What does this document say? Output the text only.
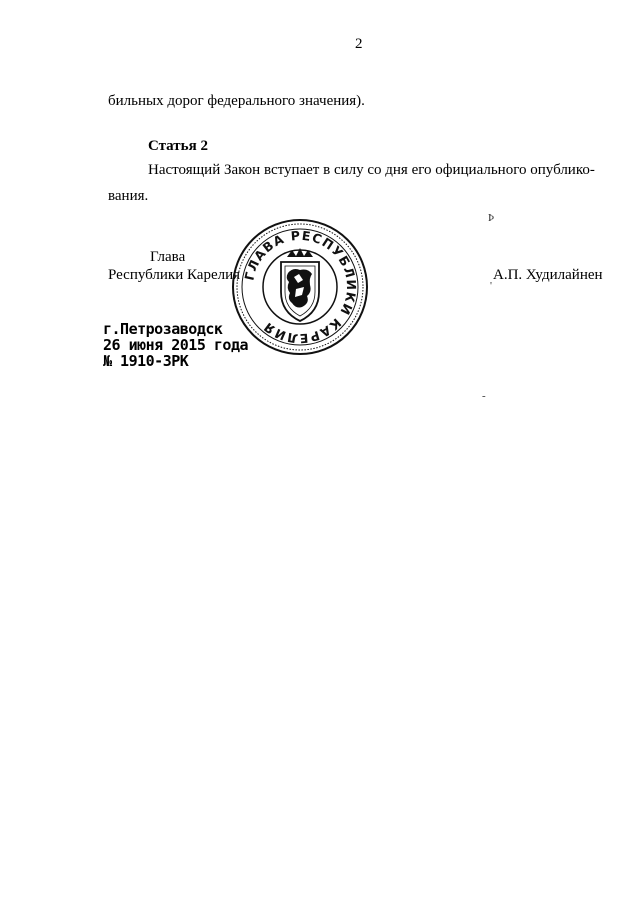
2
бильных дорог федерального значения).
Статья 2
Настоящий Закон вступает в силу со дня его официального опублико-
вания.
Глава
Республики Карелия	А.П. Худилайнен
ГЛАВА РЕСПУБЛИКИ КАРЕЛИЯ
г.Петрозаводск
26 июня 2015 года
№ 1910-ЗРК
Þ
'
-
